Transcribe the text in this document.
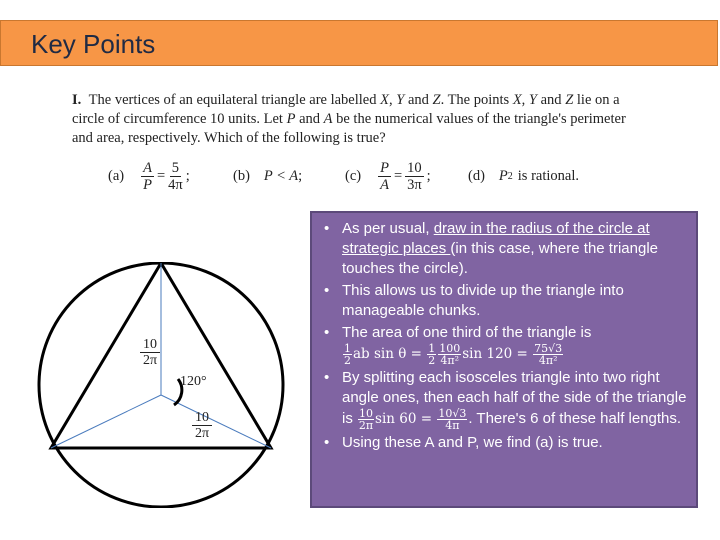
Key Points
I. The vertices of an equilateral triangle are labelled X, Y and Z. The points X, Y and Z lie on a circle of circumference 10 units. Let P and A be the numerical values of the triangle's perimeter and area, respectively. Which of the following is true?
$(a) \frac{A}{P} = \frac{5}{4\pi}$ ;	(b) P < A ;	$(c) \frac{P}{A} = \frac{10}{3\pi}$ ;	(d) P 2 is rational.
$\frac{10}{2\pi}$
120°
$\frac{10}{2\pi}$
• As per usual, draw in the radius of the circle at strategic places (in this case, where the triangle touches the circle).
• This allows us to divide up the triangle into manageable chunks.
• The area of one third of the triangle is

$\frac{1}{2}$ ab $\sin \theta = \frac{1}{2} \frac{100}{\text{4π²}}$ $\sin 120 = \frac{75√3}{\text{4π²}}$
• By splitting each isosceles triangle into two right angle ones, then each half of the side of the triangle is $\frac{10}{2\pi}$ $\sin 60 = \frac{10√3}{4\pi}$ . There's 6 of these half lengths.
• Using these A and P, we find (a) is true.
